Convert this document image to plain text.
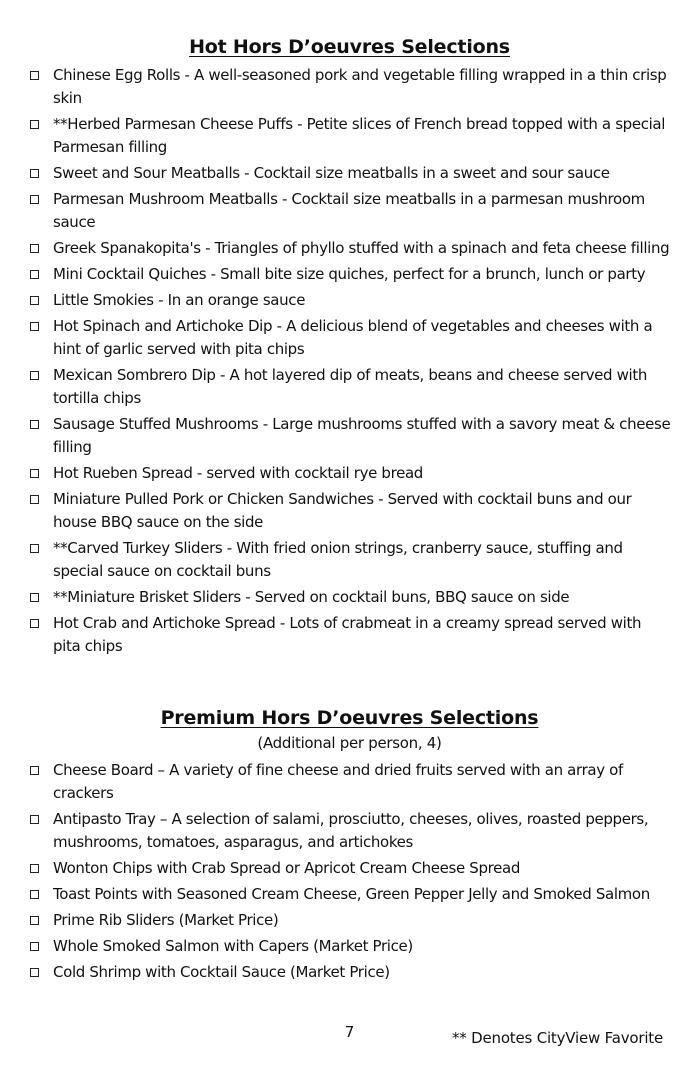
Hot Hors D’oeuvres Selections
Chinese Egg Rolls - A well-seasoned pork and vegetable filling wrapped in a thin crisp skin
**Herbed Parmesan Cheese Puffs - Petite slices of French bread topped with a special Parmesan filling
Sweet and Sour Meatballs - Cocktail size meatballs in a sweet and sour sauce
Parmesan Mushroom Meatballs - Cocktail size meatballs in a parmesan mushroom sauce
Greek Spanakopita's - Triangles of phyllo stuffed with a spinach and feta cheese filling
Mini Cocktail Quiches - Small bite size quiches, perfect for a brunch, lunch or party
Little Smokies - In an orange sauce
Hot Spinach and Artichoke Dip - A delicious blend of vegetables and cheeses with a hint of garlic served with pita chips
Mexican Sombrero Dip - A hot layered dip of meats, beans and cheese served with tortilla chips
Sausage Stuffed Mushrooms - Large mushrooms stuffed with a savory meat & cheese filling
Hot Rueben Spread - served with cocktail rye bread
Miniature Pulled Pork or Chicken Sandwiches - Served with cocktail buns and our house BBQ sauce on the side
**Carved Turkey Sliders - With fried onion strings, cranberry sauce, stuffing and special sauce on cocktail buns
**Miniature Brisket Sliders - Served on cocktail buns, BBQ sauce on side
Hot Crab and Artichoke Spread - Lots of crabmeat in a creamy spread served with pita chips
Premium Hors D’oeuvres Selections
(Additional per person, 4)
Cheese Board – A variety of fine cheese and dried fruits served with an array of crackers
Antipasto Tray – A selection of salami, prosciutto, cheeses, olives, roasted peppers, mushrooms, tomatoes, asparagus, and artichokes
Wonton Chips with Crab Spread or Apricot Cream Cheese Spread
Toast Points with Seasoned Cream Cheese, Green Pepper Jelly and Smoked Salmon
Prime Rib Sliders (Market Price)
Whole Smoked Salmon with Capers (Market Price)
Cold Shrimp with Cocktail Sauce (Market Price)
7	** Denotes CityView Favorite
